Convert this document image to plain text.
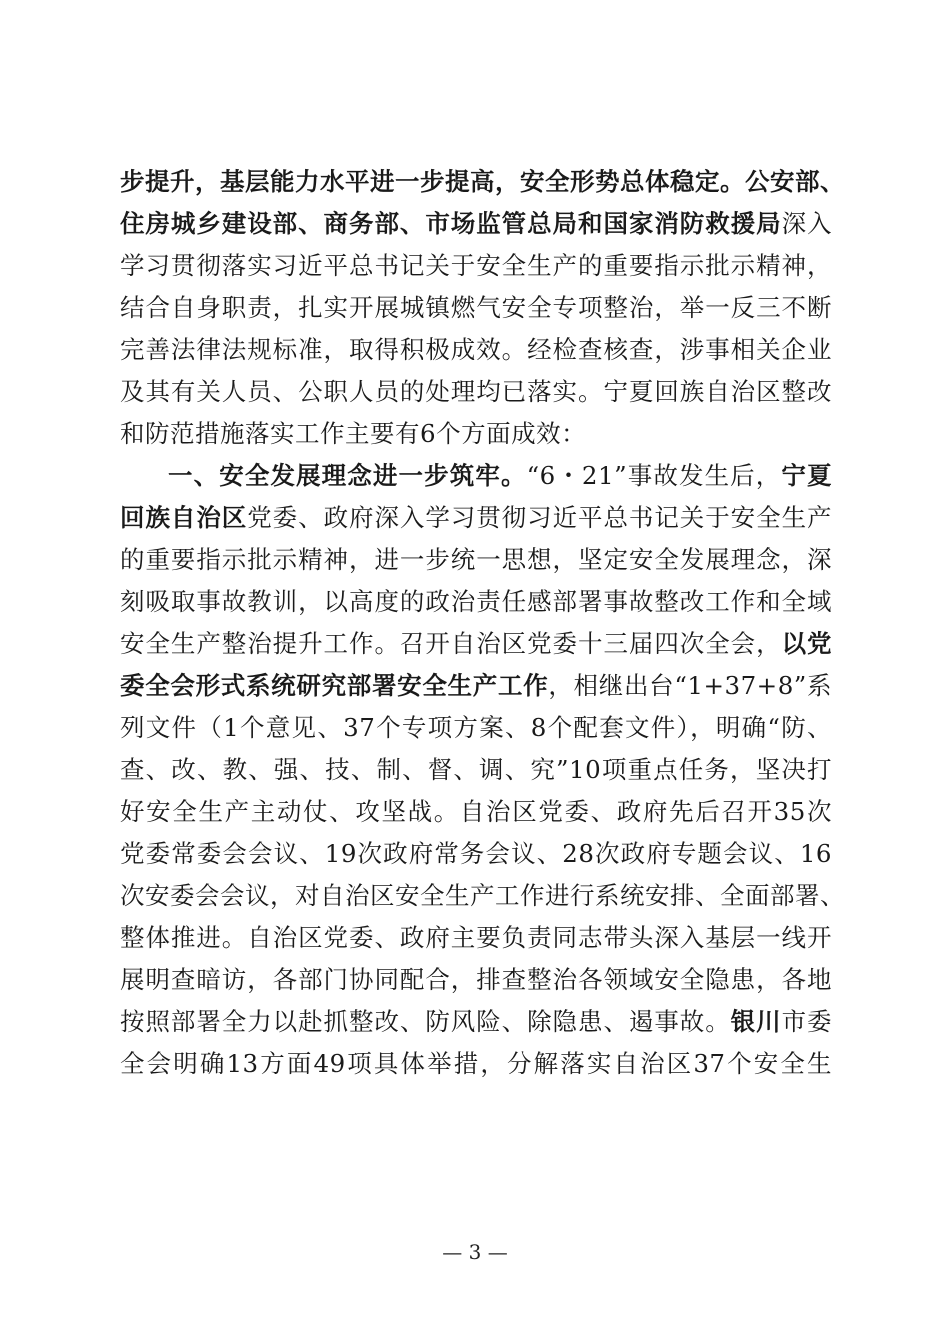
步提升，基层能力水平进一步提高，安全形势总体稳定。公安部、
住房城乡建设部、商务部、市场监管总局和国家消防救援局深入
学习贯彻落实习近平总书记关于安全生产的重要指示批示精神，
结合自身职责，扎实开展城镇燃气安全专项整治，举一反三不断
完善法律法规标准，取得积极成效。经检查核查，涉事相关企业
及其有关人员、公职人员的处理均已落实。宁夏回族自治区整改
和防范措施落实工作主要有6个方面成效：
一、安全发展理念进一步筑牢。“6・21”事故发生后，宁夏
回族自治区党委、政府深入学习贯彻习近平总书记关于安全生产
的重要指示批示精神，进一步统一思想，坚定安全发展理念，深
刻吸取事故教训，以高度的政治责任感部署事故整改工作和全域
安全生产整治提升工作。召开自治区党委十三届四次全会，以党
委全会形式系统研究部署安全生产工作，相继出台“1+37+8”系
列文件（1个意见、37个专项方案、8个配套文件），明确“防、
查、改、教、强、技、制、督、调、究”10项重点任务，坚决打
好安全生产主动仗、攻坚战。自治区党委、政府先后召开35次
党委常委会会议、19次政府常务会议、28次政府专题会议、16
次安委会会议，对自治区安全生产工作进行系统安排、全面部署、
整体推进。自治区党委、政府主要负责同志带头深入基层一线开
展明查暗访，各部门协同配合，排查整治各领域安全隐患，各地
按照部署全力以赴抓整改、防风险、除隐患、遏事故。银川市委
全会明确13方面49项具体举措，分解落实自治区37个安全生
— 3 —
